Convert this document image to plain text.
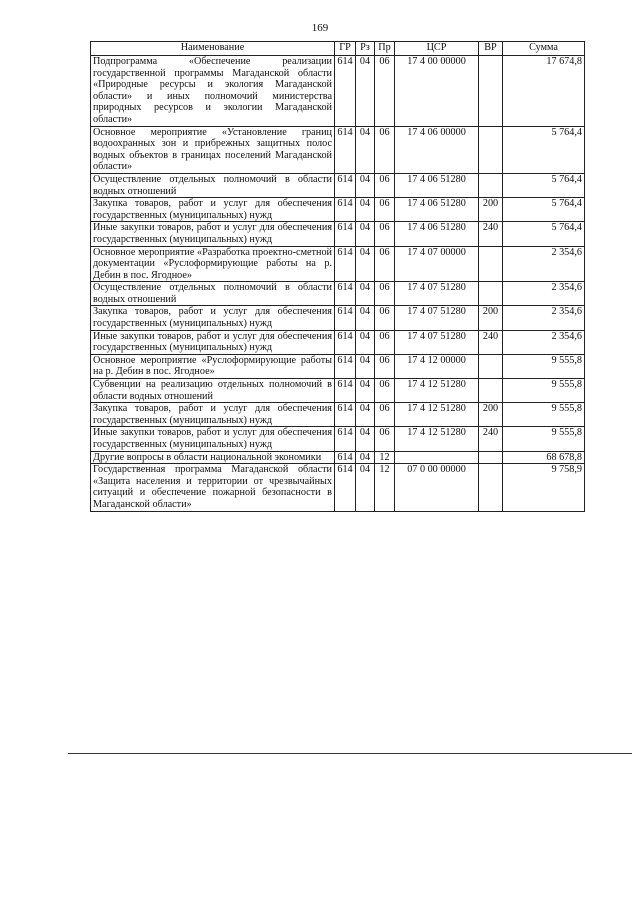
169
Наименование	ГР	Рз	Пр	ЦСР	ВР	Сумма
Подпрограмма «Обеспечение реализации государственной программы Магаданской области «Природные ресурсы и экология Магаданской области» и иных полномочий министерства природных ресурсов и экологии Магаданской области»	614	04	06	17 4 00 00000		17 674,8
Основное мероприятие «Установление границ водоохранных зон и прибрежных защитных полос водных объектов в границах поселений Магаданской области»	614	04	06	17 4 06 00000		5 764,4
Осуществление отдельных полномочий в области водных отношений	614	04	06	17 4 06 51280		5 764,4
Закупка товаров, работ и услуг для обеспечения государственных (муниципальных) нужд	614	04	06	17 4 06 51280	200	5 764,4
Иные закупки товаров, работ и услуг для обеспечения государственных (муниципальных) нужд	614	04	06	17 4 06 51280	240	5 764,4
Основное мероприятие «Разработка проектно-сметной документации «Руслоформирующие работы на р. Дебин в пос. Ягодное»	614	04	06	17 4 07 00000		2 354,6
Осуществление отдельных полномочий в области водных отношений	614	04	06	17 4 07 51280		2 354,6
Закупка товаров, работ и услуг для обеспечения государственных (муниципальных) нужд	614	04	06	17 4 07 51280	200	2 354,6
Иные закупки товаров, работ и услуг для обеспечения государственных (муниципальных) нужд	614	04	06	17 4 07 51280	240	2 354,6
Основное мероприятие «Руслоформирующие работы на р. Дебин в пос. Ягодное»	614	04	06	17 4 12 00000		9 555,8
Субвенции на реализацию отдельных полномочий в области водных отношений	614	04	06	17 4 12 51280		9 555,8
Закупка товаров, работ и услуг для обеспечения государственных (муниципальных) нужд	614	04	06	17 4 12 51280	200	9 555,8
Иные закупки товаров, работ и услуг для обеспечения государственных (муниципальных) нужд	614	04	06	17 4 12 51280	240	9 555,8
Другие вопросы в области национальной экономики	614	04	12			68 678,8
Государственная программа Магаданской области «Защита населения и территории от чрезвычайных ситуаций и обеспечение пожарной безопасности в Магаданской области»	614	04	12	07 0 00 00000		9 758,9
